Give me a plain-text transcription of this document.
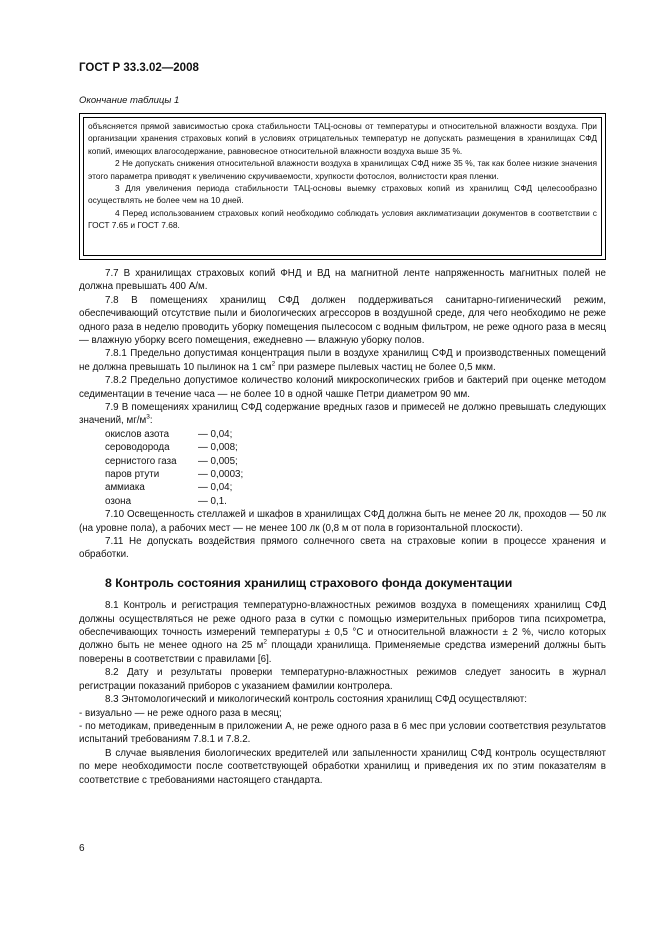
ГОСТ Р 33.3.02—2008
Окончание таблицы 1

объясняется прямой зависимостью срока стабильности ТАЦ-основы от температуры и относительной влажности воздуха. При организации хранения страховых копий в условиях отрицательных температур не допускать размещения в хранилищах СФД копий, имеющих влагосодержание, равновесное относительной влажности воздуха выше 35 %.

2 Не допускать снижения относительной влажности воздуха в хранилищах СФД ниже 35 %, так как более низкие значения этого параметра приводят к увеличению скручиваемости, хрупкости фотослоя, волнистости края пленки.

3 Для увеличения периода стабильности ТАЦ-основы выемку страховых копий из хранилищ СФД целесообразно осуществлять не более чем на 10 дней.

4 Перед использованием страховых копий необходимо соблюдать условия акклиматизации документов в соответствии с ГОСТ 7.65 и ГОСТ 7.68.

7.7 В хранилищах страховых копий ФНД и ВД на магнитной ленте напряженность магнитных полей не должна превышать 400 А/м.

7.8 В помещениях хранилищ СФД должен поддерживаться санитарно-гигиенический режим, обеспечивающий отсутствие пыли и биологических агрессоров в воздушной среде, для чего необходимо не реже одного раза в неделю проводить уборку помещения пылесосом с водным фильтром, не реже одного раза в месяц — влажную уборку всего помещения, ежедневно — влажную уборку полов.

7.8.1 Предельно допустимая концентрация пыли в воздухе хранилищ СФД и производственных помещений не должна превышать 10 пылинок на 1 $см^2$ при размере пылевых частиц не более 0,5 мкм.

7.8.2 Предельно допустимое количество колоний микроскопических грибов и бактерий при оценке методом седиментации в течение часа — не более 10 в одной чашке Петри диаметром 90 мм.

7.9 В помещениях хранилищ СФД содержание вредных газов и примесей не должно превышать следующих значений, $мг/м^3$:

окислов азота	— 0,04;
сероводорода	— 0,008;
сернистого газа	— 0,005;
паров ртути	— 0,0003;
аммиака	— 0,04;
озона	— 0,1.

7.10 Освещенность стеллажей и шкафов в хранилищах СФД должна быть не менее 20 лк, проходов — 50 лк (на уровне пола), а рабочих мест — не менее 100 лк (0,8 м от пола в горизонтальной плоскости).

7.11 Не допускать воздействия прямого солнечного света на страховые копии в процессе хранения и обработки.

8 Контроль состояния хранилищ страхового фонда документации

8.1 Контроль и регистрация температурно-влажностных режимов воздуха в помещениях хранилищ СФД должны осуществляться не реже одного раза в сутки с помощью измерительных приборов типа психрометра, обеспечивающих точность измерений температуры ± 0,5 °С и относительной влажности ± 2 %, число которых должно быть не менее одного на 25 $м^2$ площади хранилища. Применяемые средства измерений должны быть поверены в соответствии с правилами [6].

8.2 Дату и результаты проверки температурно-влажностных режимов следует заносить в журнал регистрации показаний приборов с указанием фамилии контролера.

8.3 Энтомологический и микологический контроль состояния хранилищ СФД осуществляют:

- визуально — не реже одного раза в месяц;

- по методикам, приведенным в приложении А, не реже одного раза в 6 мес при условии соответствия результатов испытаний требованиям 7.8.1 и 7.8.2.

В случае выявления биологических вредителей или запыленности хранилищ СФД контроль осуществляют по мере необходимости после соответствующей обработки хранилищ и приведения их по этим показателям в соответствие с требованиями настоящего стандарта.

6
